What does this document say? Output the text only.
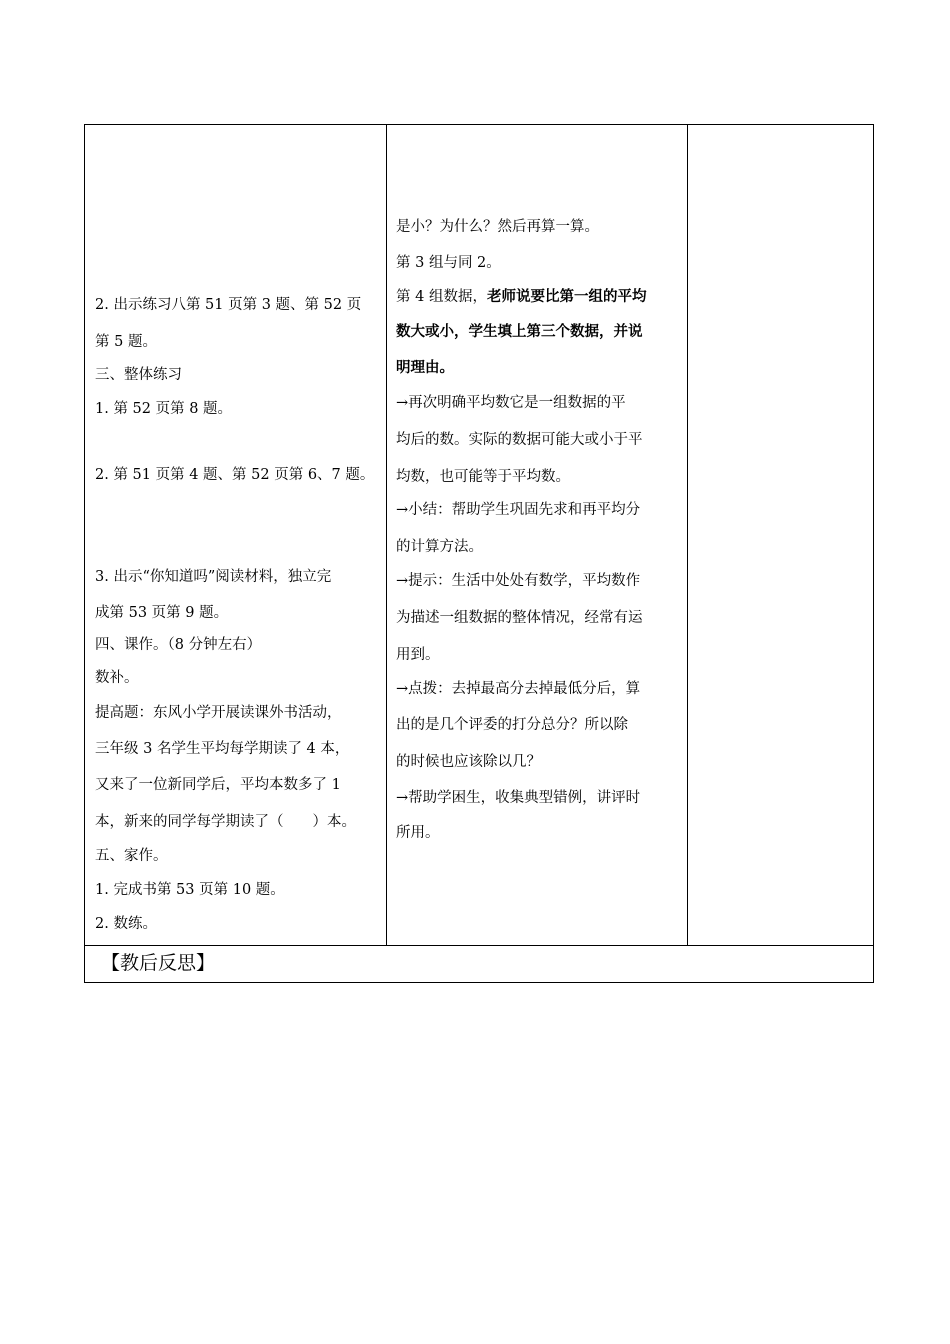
2. 出示练习八第 51 页第 3 题、第 52 页
第 5 题。
三、整体练习
1. 第 52 页第 8 题。
2. 第 51 页第 4 题、第 52 页第 6、7 题。
3. 出示“你知道吗”阅读材料，独立完
成第 53 页第 9 题。
四、课作。（8 分钟左右）
数补。
提高题：东风小学开展读课外书活动，
三年级 3 名学生平均每学期读了 4 本，
又来了一位新同学后，平均本数多了 1
本，新来的同学每学期读了（　　）本。
五、家作。
1. 完成书第 53 页第 10 题。
2. 数练。
是小？为什么？然后再算一算。
第 3 组与同 2。
第 4 组数据，老师说要比第一组的平均
数大或小，学生填上第三个数据，并说
明理由。
→再次明确平均数它是一组数据的平
均后的数。实际的数据可能大或小于平
均数，也可能等于平均数。
→小结：帮助学生巩固先求和再平均分
的计算方法。
→提示：生活中处处有数学，平均数作
为描述一组数据的整体情况，经常有运
用到。
→点拨：去掉最高分去掉最低分后，算
出的是几个评委的打分总分？所以除
的时候也应该除以几？
→帮助学困生，收集典型错例，讲评时
所用。
【教后反思】
